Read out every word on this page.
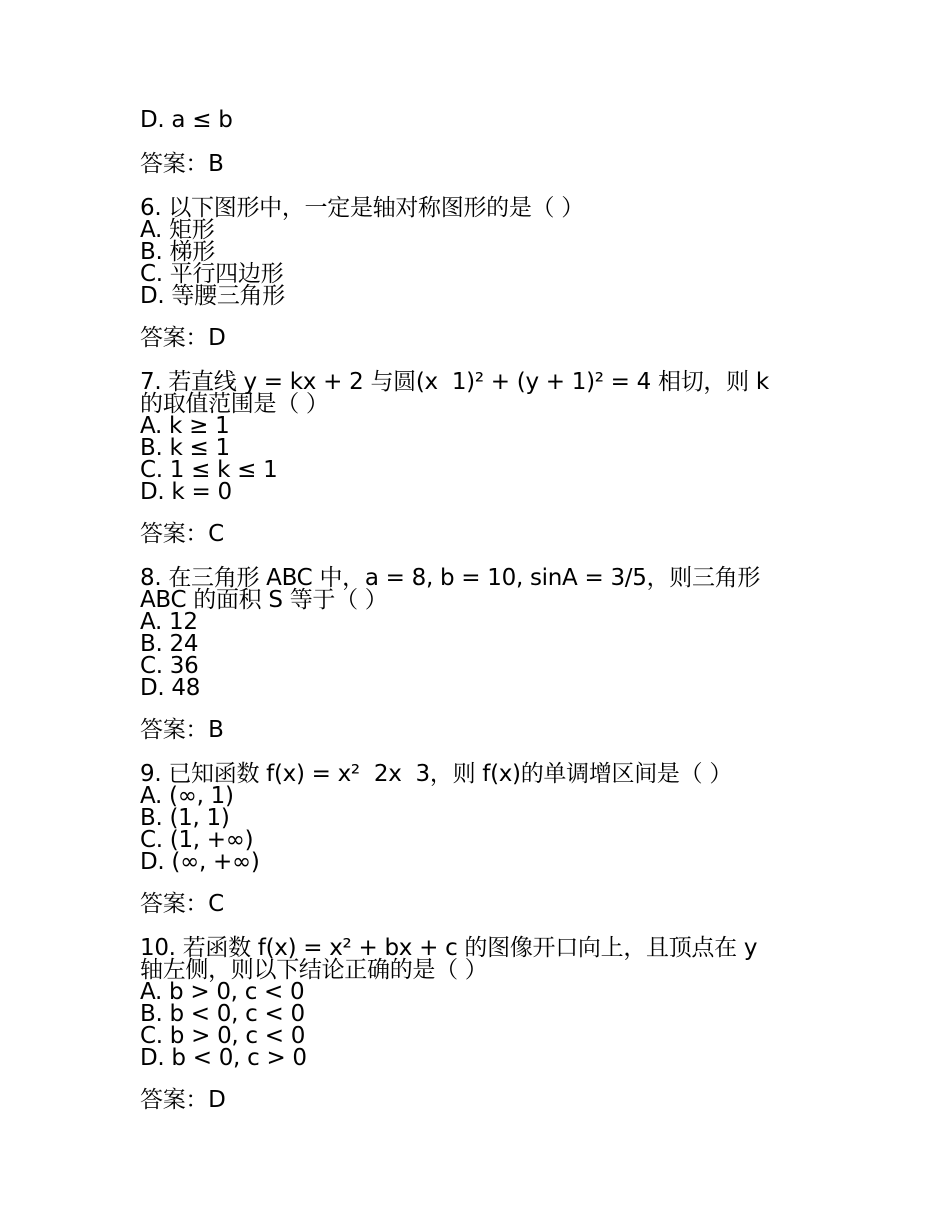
D. a ≤ b
答案：B
6. 以下图形中，一定是轴对称图形的是（ ）
A. 矩形
B. 梯形
C. 平行四边形
D. 等腰三角形
答案：D
7. 若直线 y = kx + 2 与圆(x  1)² + (y + 1)² = 4 相切，则 k
的取值范围是（ ）
A. k ≥ 1
B. k ≤ 1
C. 1 ≤ k ≤ 1
D. k = 0
答案：C
8. 在三角形 ABC 中，a = 8, b = 10, sinA = 3/5，则三角形
ABC 的面积 S 等于（ ）
A. 12
B. 24
C. 36
D. 48
答案：B
9. 已知函数 f(x) = x²  2x  3，则 f(x)的单调增区间是（ ）
A. (∞, 1)
B. (1, 1)
C. (1, +∞)
D. (∞, +∞)
答案：C
10. 若函数 f(x) = x² + bx + c 的图像开口向上，且顶点在 y
轴左侧，则以下结论正确的是（ ）
A. b > 0, c < 0
B. b < 0, c < 0
C. b > 0, c < 0
D. b < 0, c > 0
答案：D
